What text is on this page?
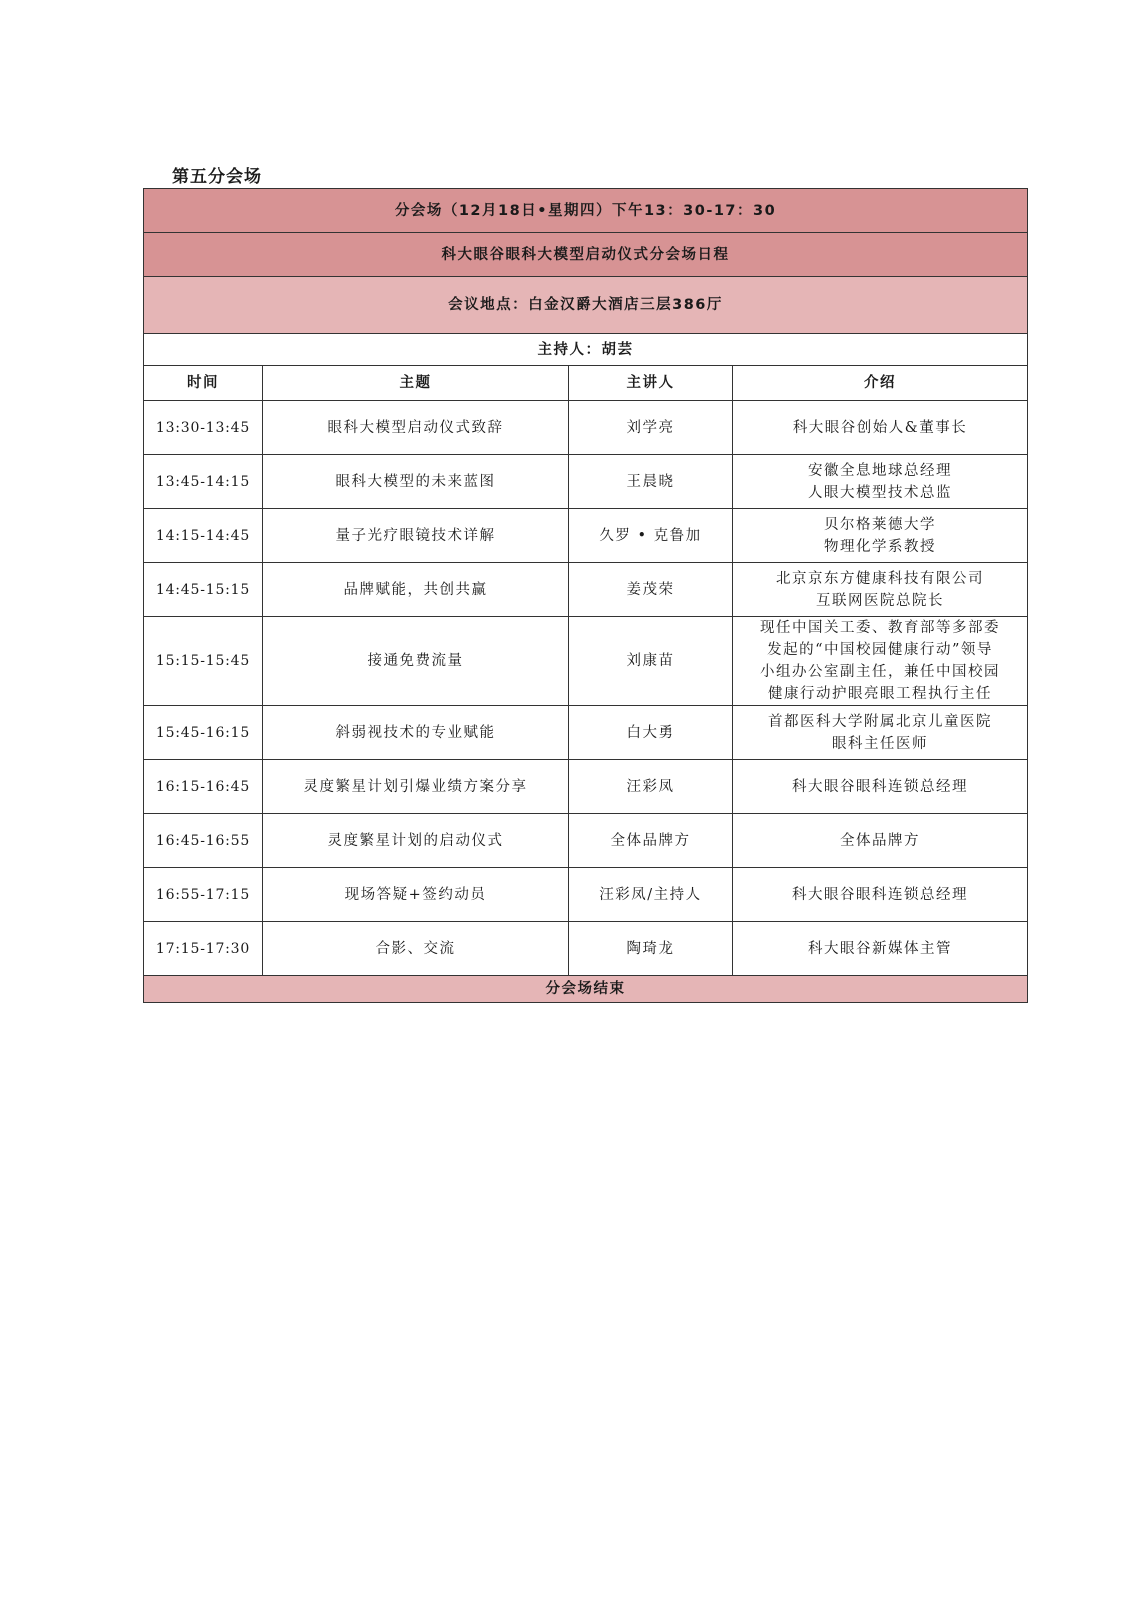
第五分会场
分会场（12月18日•星期四）下午13：30-17：30			
科大眼谷眼科大模型启动仪式分会场日程			
会议地点：白金汉爵大酒店三层386厅			
主持人：胡芸			
时间	主题	主讲人	介绍
13:30-13:45	眼科大模型启动仪式致辞	刘学亮	科大眼谷创始人&董事长

13:45-14:15	眼科大模型的未来蓝图	王晨晓	安徽全息地球总经理
人眼大模型技术总监

14:15-14:45	量子光疗眼镜技术详解	久罗 • 克鲁加	贝尔格莱德大学
物理化学系教授

14:45-15:15	品牌赋能，共创共赢	姜茂荣	北京京东方健康科技有限公司
互联网医院总院长

15:15-15:45	接通免费流量	刘康苗	现任中国关工委、教育部等多部委
发起的“中国校园健康行动”领导
小组办公室副主任，兼任中国校园
健康行动护眼亮眼工程执行主任

15:45-16:15	斜弱视技术的专业赋能	白大勇	首都医科大学附属北京儿童医院
眼科主任医师

16:15-16:45	灵度繁星计划引爆业绩方案分享	汪彩凤	科大眼谷眼科连锁总经理

16:45-16:55	灵度繁星计划的启动仪式	全体品牌方	全体品牌方

16:55-17:15	现场答疑+签约动员	汪彩凤/主持人	科大眼谷眼科连锁总经理

17:15-17:30	合影、交流	陶琦龙	科大眼谷新媒体主管

分会场结束			
